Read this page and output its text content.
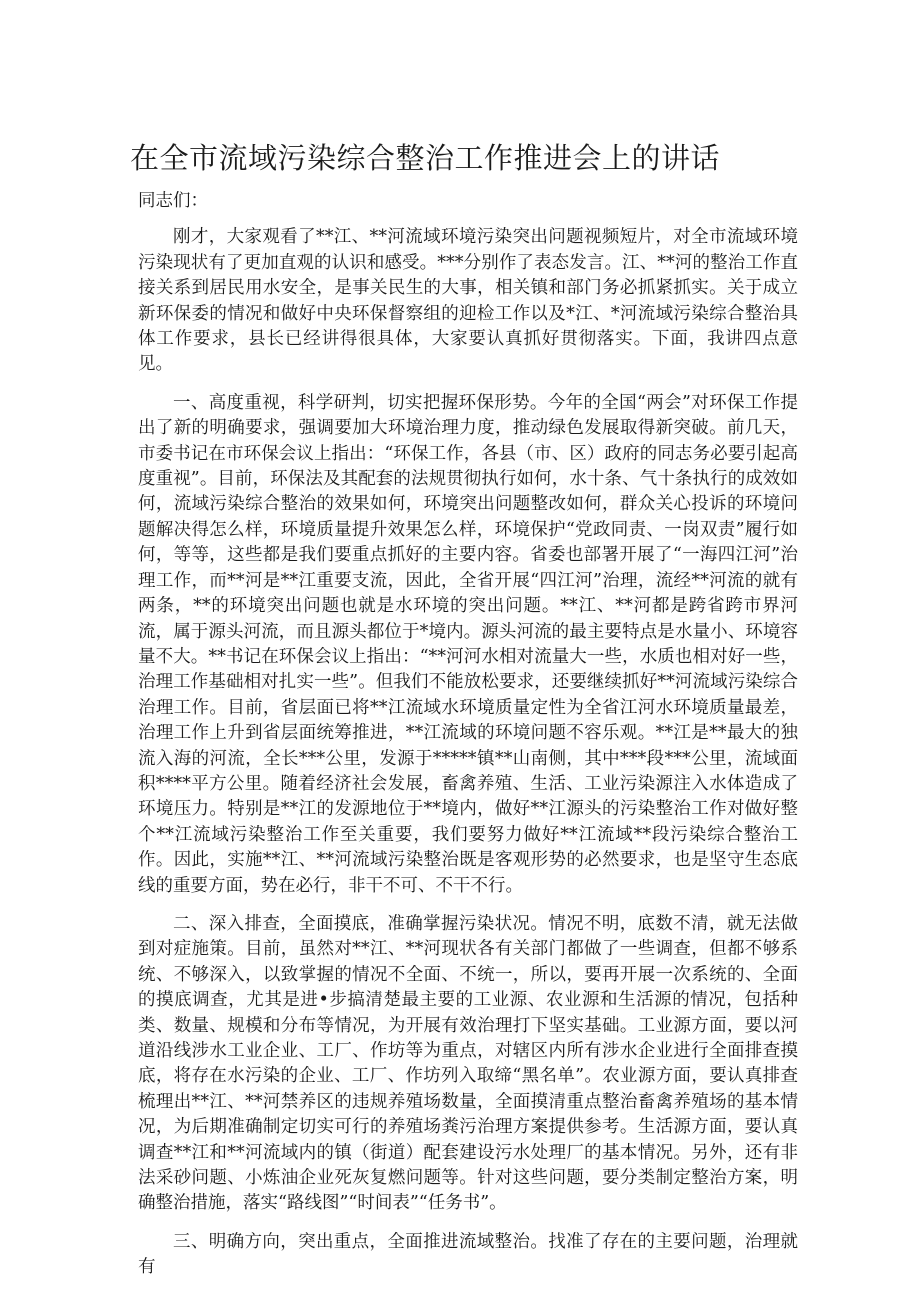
在全市流域污染综合整治工作推进会上的讲话

同志们：

刚才，大家观看了**江、**河流域环境污染突出问题视频短片，对全市流域环境污染现状有了更加直观的认识和感受。***分别作了表态发言。江、**河的整治工作直接关系到居民用水安全，是事关民生的大事，相关镇和部门务必抓紧抓实。关于成立新环保委的情况和做好中央环保督察组的迎检工作以及*江、*河流域污染综合整治具体工作要求，县长已经讲得很具体，大家要认真抓好贯彻落实。下面，我讲四点意见。

一、高度重视，科学研判，切实把握环保形势。今年的全国“两会”对环保工作提出了新的明确要求，强调要加大环境治理力度，推动绿色发展取得新突破。前几天，市委书记在市环保会议上指出：“环保工作，各县（市、区）政府的同志务必要引起高度重视”。目前，环保法及其配套的法规贯彻执行如何，水十条、气十条执行的成效如何，流域污染综合整治的效果如何，环境突出问题整改如何，群众关心投诉的环境问题解决得怎么样，环境质量提升效果怎么样，环境保护“党政同责、一岗双责”履行如何，等等，这些都是我们要重点抓好的主要内容。省委也部署开展了“一海四江河”治理工作，而**河是**江重要支流，因此，全省开展“四江河”治理，流经**河流的就有两条，**的环境突出问题也就是水环境的突出问题。**江、**河都是跨省跨市界河流，属于源头河流，而且源头都位于*境内。源头河流的最主要特点是水量小、环境容量不大。**书记在环保会议上指出：“**河河水相对流量大一些，水质也相对好一些，治理工作基础相对扎实一些”。但我们不能放松要求，还要继续抓好**河流域污染综合治理工作。目前，省层面已将**江流域水环境质量定性为全省江河水环境质量最差，治理工作上升到省层面统筹推进，**江流域的环境问题不容乐观。**江是**最大的独流入海的河流，全长***公里，发源于*****镇**山南侧，其中***段***公里，流域面积****平方公里。随着经济社会发展，畜禽养殖、生活、工业污染源注入水体造成了环境压力。特别是**江的发源地位于**境内，做好**江源头的污染整治工作对做好整个**江流域污染整治工作至关重要，我们要努力做好**江流域**段污染综合整治工作。因此，实施**江、**河流域污染整治既是客观形势的必然要求，也是坚守生态底线的重要方面，势在必行，非干不可、不干不行。

二、深入排查，全面摸底，准确掌握污染状况。情况不明，底数不清，就无法做到对症施策。目前，虽然对**江、**河现状各有关部门都做了一些调查，但都不够系统、不够深入，以致掌握的情况不全面、不统一，所以，要再开展一次系统的、全面的摸底调查，尤其是进•步搞清楚最主要的工业源、农业源和生活源的情况，包括种类、数量、规模和分布等情况，为开展有效治理打下坚实基础。工业源方面，要以河道沿线涉水工业企业、工厂、作坊等为重点，对辖区内所有涉水企业进行全面排查摸底，将存在水污染的企业、工厂、作坊列入取缔“黑名单”。农业源方面，要认真排查梳理出**江、**河禁养区的违规养殖场数量，全面摸清重点整治畜禽养殖场的基本情况，为后期准确制定切实可行的养殖场粪污治理方案提供参考。生活源方面，要认真调查**江和**河流域内的镇（街道）配套建设污水处理厂的基本情况。另外，还有非法采砂问题、小炼油企业死灰复燃问题等。针对这些问题，要分类制定整治方案，明确整治措施，落实“路线图”“时间表”“任务书”。

三、明确方向，突出重点，全面推进流域整治。找准了存在的主要问题，治理就有
